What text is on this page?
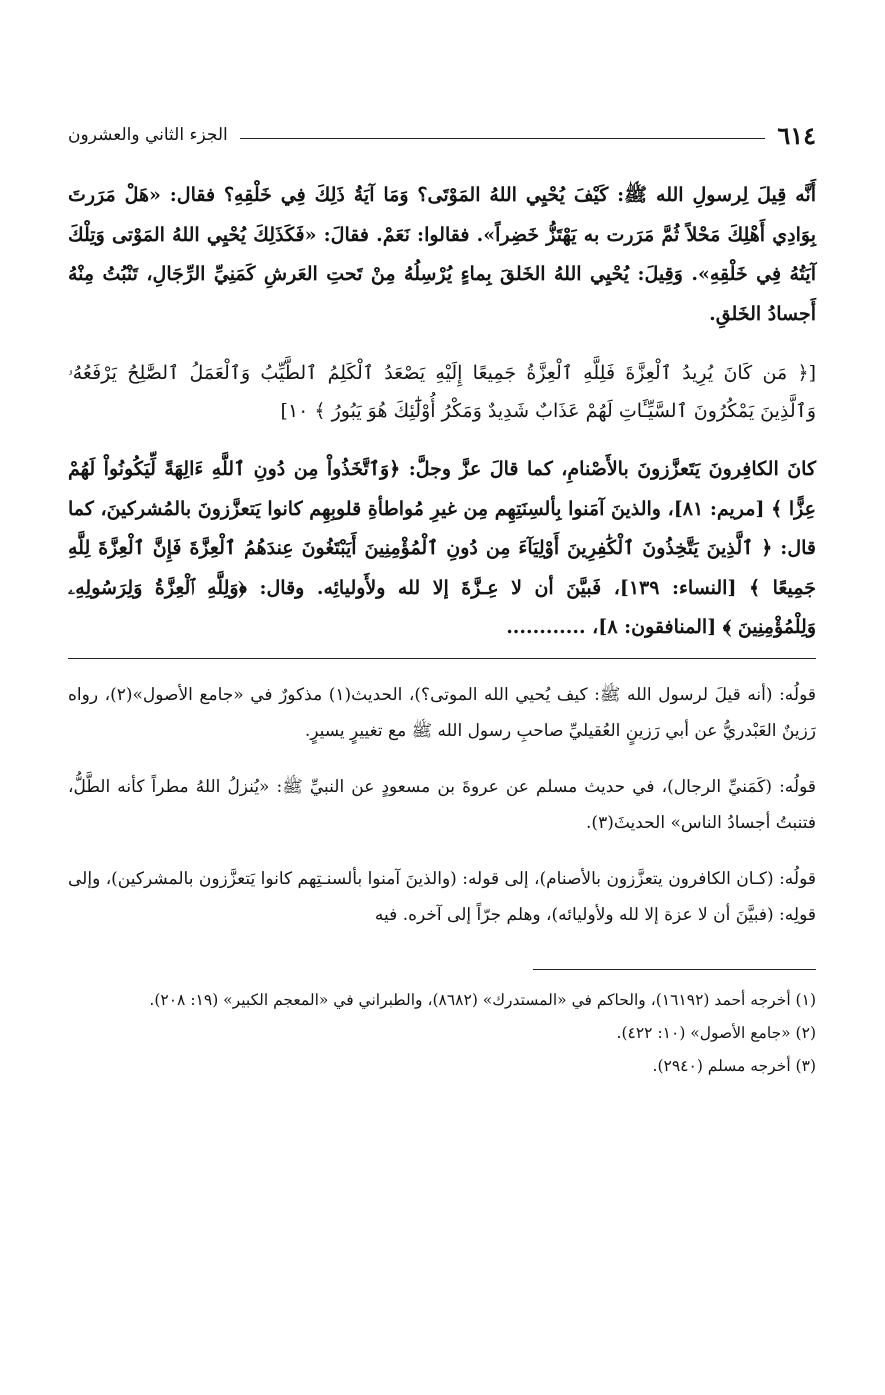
٦١٤
الجزء الثاني والعشرون

أَنَّه قِيلَ لِرسولِ الله ﷺ: كَيْفَ يُحْيِي اللهُ المَوْتَى؟ وَمَا آيَةُ ذَلِكَ فِي خَلْقِهِ؟ فقال: «هَلْ مَرَرتَ بِوَادِي أَهْلِكَ مَحْلاً ثُمَّ مَرَرت به يَهْتَزُّ خَضِراً». فقالوا: نَعَمْ. فقالَ: «فَكَذَلِكَ يُحْيِي اللهُ المَوْتى وَتِلْكَ آيَتُهُ فِي خَلْقِهِ». وَقِيلَ: يُحْيِي اللهُ الخَلقَ بِماءٍ يُرْسِلُهُ مِنْ تَحتِ العَرشِ كَمَنِيِّ الرِّجَالِ، تَنْبُتُ مِنْهُ أَجسادُ الخَلقِ.

[﴿ مَن كَانَ يُرِيدُ ٱلْعِزَّةَ فَلِلَّهِ ٱلْعِزَّةُ جَمِيعًا إِلَيْهِ يَصْعَدُ ٱلْكَلِمُ ٱلطَّيِّبُ وَٱلْعَمَلُ ٱلصَّٰلِحُ يَرْفَعُهُۥ وَٱلَّذِينَ يَمْكُرُونَ ٱلسَّيِّـَٔاتِ لَهُمْ عَذَابٌ شَدِيدٌ وَمَكْرُ أُوْلَٰٓئِكَ هُوَ يَبُورُ ﴾ ١٠]

كانَ الكافِرونَ يَتَعزَّزونَ بالأَصْنامِ، كما قالَ عزَّ وجلَّ: ﴿وَٱتَّخَذُواْ مِن دُونِ ٱللَّهِ ءَالِهَةً لِّيَكُونُواْ لَهُمْ عِزًّا ﴾ [مريم: ٨١]، والذينَ آمَنوا بِألسِنَتِهِم مِن غيرِ مُواطأةِ قلوبِهِم كانوا يَتعزَّزونَ بالمُشركينَ، كما قال: ﴿ ٱلَّذِينَ يَتَّخِذُونَ ٱلْكَٰفِرِينَ أَوْلِيَآءَ مِن دُونِ ٱلْمُؤْمِنِينَ أَيَبْتَغُونَ عِندَهُمُ ٱلْعِزَّةَ فَإِنَّ ٱلْعِزَّةَ لِلَّهِ جَمِيعًا ﴾ [النساء: ١٣٩]، فَبيَّنَ أن لا عِـزَّةَ إلا لله ولأَوليائِه. وقال: ﴿وَلِلَّهِ ٱلْعِزَّةُ وَلِرَسُولِهِۦ وَلِلْمُؤْمِنِينَ ﴾ [المنافقون: ٨]، ............

قولُه: (أنه قيلَ لرسول الله ﷺ: كيف يُحيي الله الموتى؟)، الحديث(١) مذكورٌ في «جامع الأصول»(٢)، رواه رَزينٌ العَبْدريُّ عن أبي رَزينٍ العُقيليِّ صاحبِ رسول الله ﷺ مع تغييرٍ يسيرٍ.

قولُه: (كَمَنيِّ الرجال)، في حديث مسلم عن عروةَ بن مسعودٍ عن النبيِّ ﷺ: «يُنزلُ اللهُ مطراً كأنه الطَّلُّ، فتنبتُ أجسادُ الناس» الحديثَ(٣).

قولُه: (كـان الكافرون يتعزَّزون بالأصنام)، إلى قوله: (والذينَ آمنوا بألسنـتِهم كانوا يَتعزَّزون بالمشركين)، وإلى قولِه: (فبيَّنَ أن لا عزة إلا لله ولأوليائه)، وهلم جرّاً إلى آخره. فيه

(١) أخرجه أحمد (١٦١٩٢)، والحاكم في «المستدرك» (٨٦٨٢)، والطبراني في «المعجم الكبير» (١٩: ٢٠٨).

(٢) «جامع الأصول» (١٠: ٤٢٢).

(٣) أخرجه مسلم (٢٩٤٠).
